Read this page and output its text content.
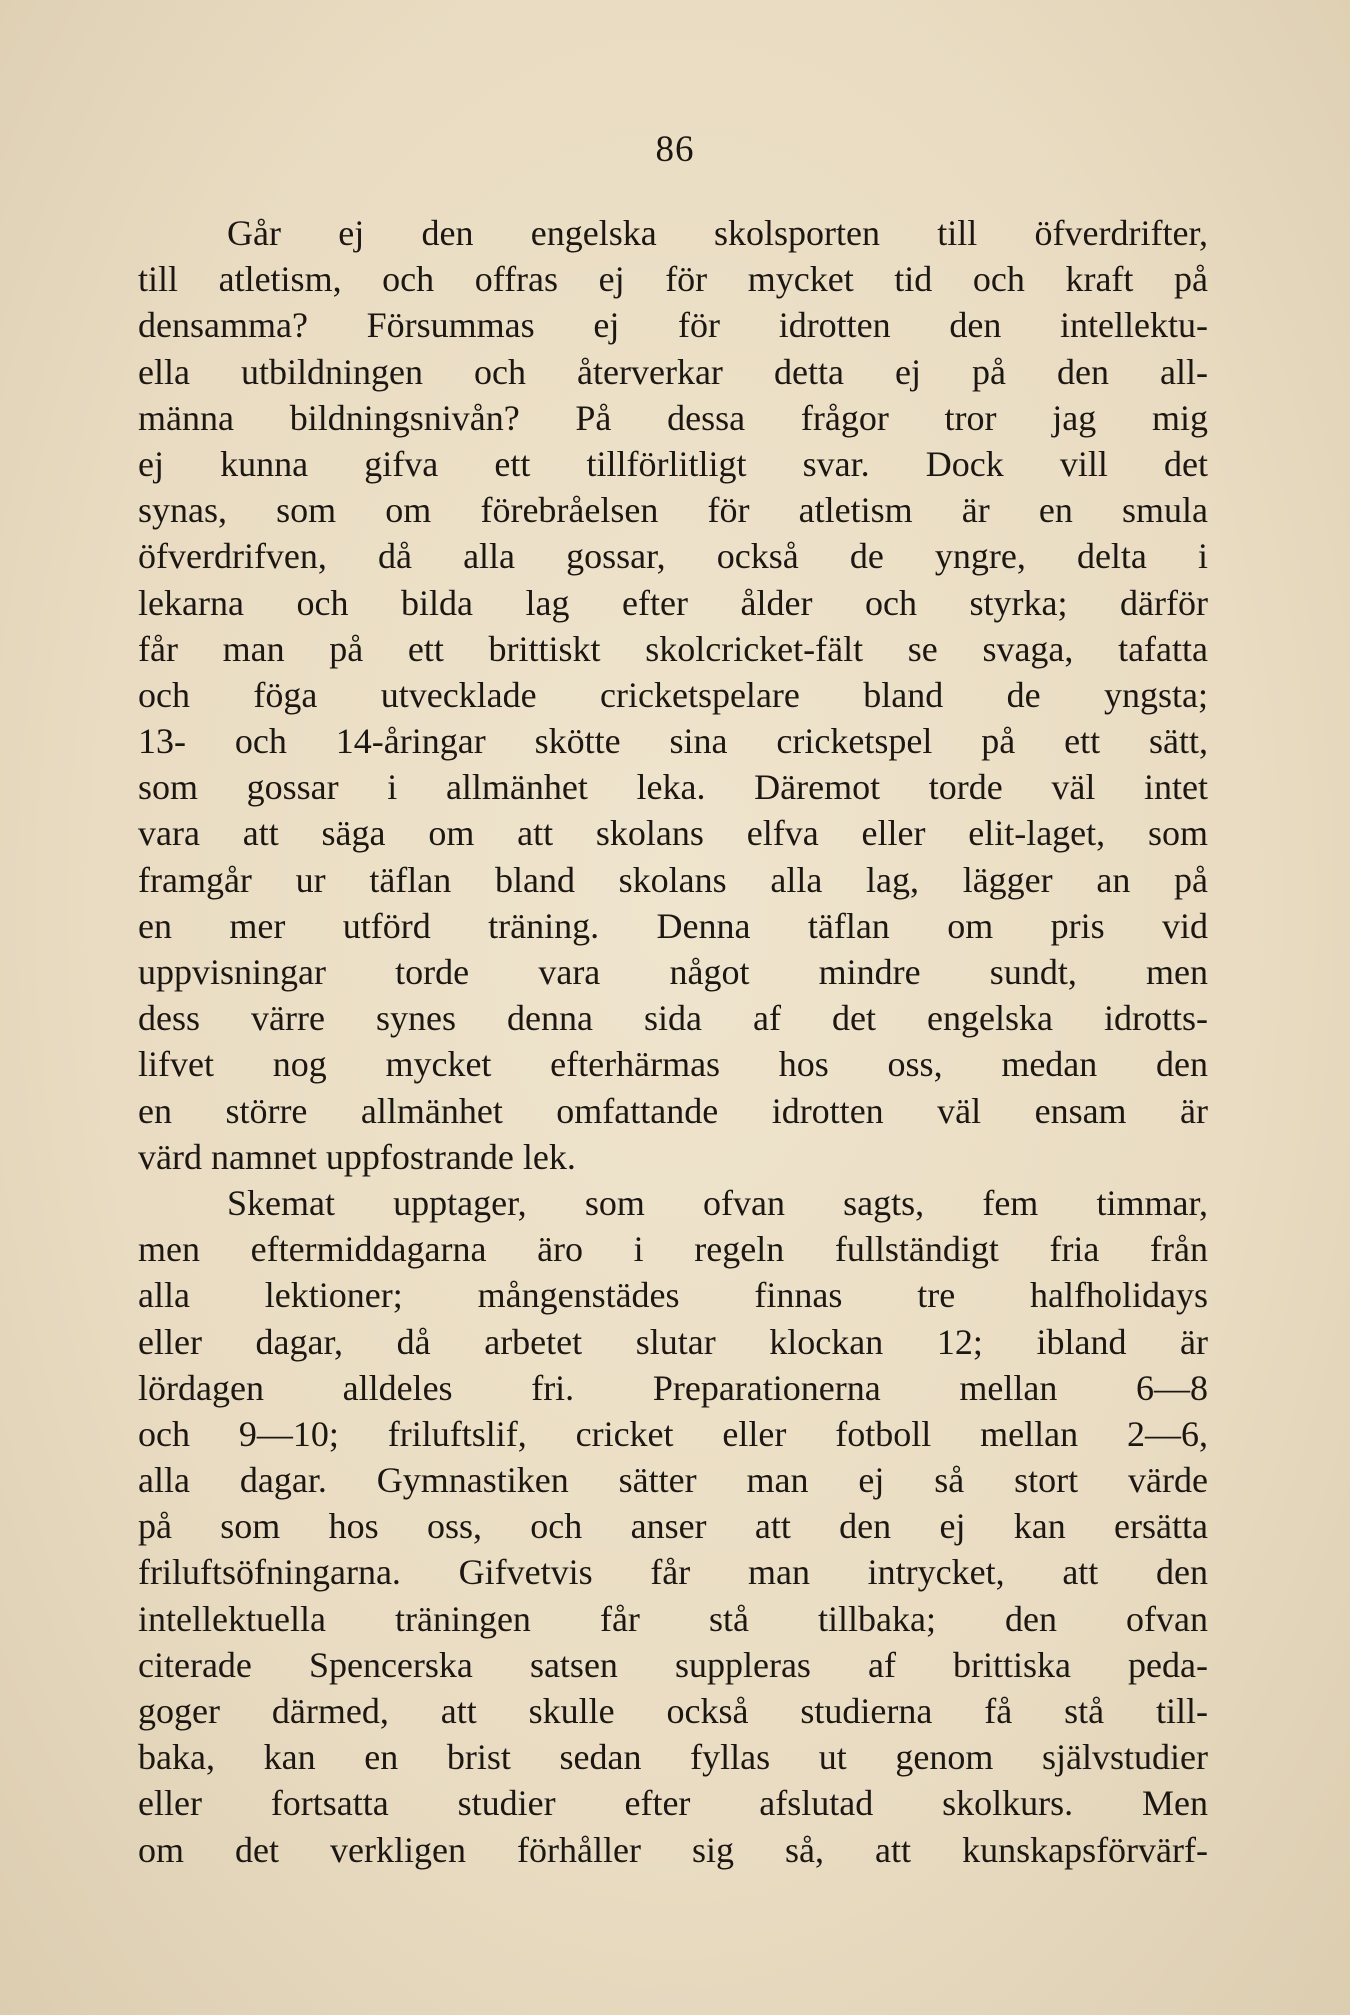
86
Går ej den engelska skolsporten till öfverdrifter,
till atletism, och offras ej för mycket tid och kraft på
densamma? Försummas ej för idrotten den intellektu-
ella utbildningen och återverkar detta ej på den all-
männa bildningsnivån? På dessa frågor tror jag mig
ej kunna gifva ett tillförlitligt svar. Dock vill det
synas, som om förebråelsen för atletism är en smula
öfverdrifven, då alla gossar, också de yngre, delta i
lekarna och bilda lag efter ålder och styrka; därför
får man på ett brittiskt skolcricket-fält se svaga, tafatta
och föga utvecklade cricketspelare bland de yngsta;
13- och 14-åringar skötte sina cricketspel på ett sätt,
som gossar i allmänhet leka. Däremot torde väl intet
vara att säga om att skolans elfva eller elit-laget, som
framgår ur täflan bland skolans alla lag, lägger an på
en mer utförd träning. Denna täflan om pris vid
uppvisningar torde vara något mindre sundt, men
dess värre synes denna sida af det engelska idrotts-
lifvet nog mycket efterhärmas hos oss, medan den
en större allmänhet omfattande idrotten väl ensam är
värd namnet uppfostrande lek.
Skemat upptager, som ofvan sagts, fem timmar,
men eftermiddagarna äro i regeln fullständigt fria från
alla lektioner; mångenstädes finnas tre halfholidays
eller dagar, då arbetet slutar klockan 12; ibland är
lördagen alldeles fri. Preparationerna mellan 6—8
och 9—10; friluftslif, cricket eller fotboll mellan 2—6,
alla dagar. Gymnastiken sätter man ej så stort värde
på som hos oss, och anser att den ej kan ersätta
friluftsöfningarna. Gifvetvis får man intrycket, att den
intellektuella träningen får stå tillbaka; den ofvan
citerade Spencerska satsen suppleras af brittiska peda-
goger därmed, att skulle också studierna få stå till-
baka, kan en brist sedan fyllas ut genom självstudier
eller fortsatta studier efter afslutad skolkurs. Men
om det verkligen förhåller sig så, att kunskapsförvärf-
